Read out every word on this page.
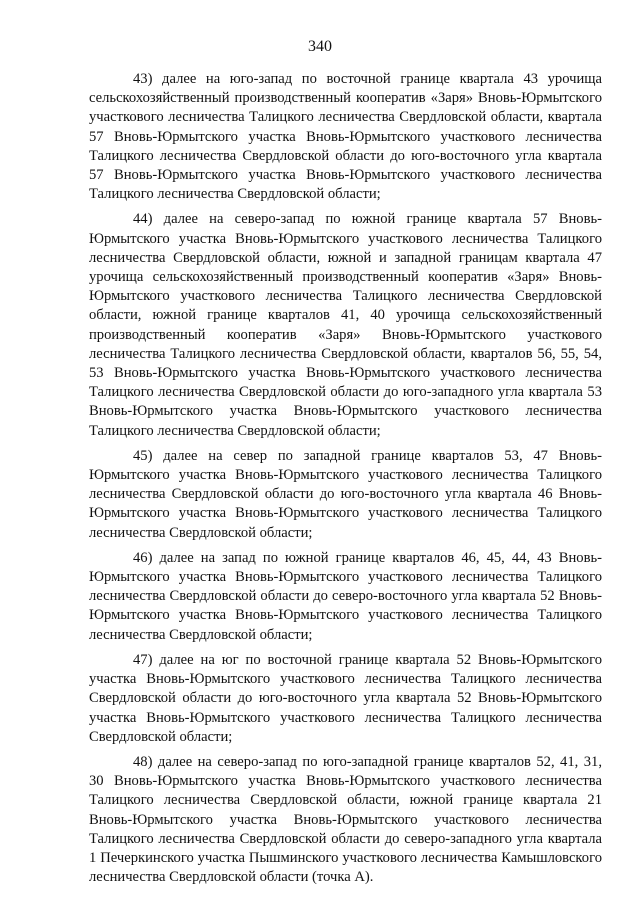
340

43) далее на юго-запад по восточной границе квартала 43 урочища сельскохозяйственный производственный кооператив «Заря» Вновь-Юрмытского участкового лесничества Талицкого лесничества Свердловской области, квартала 57 Вновь-Юрмытского участка Вновь-Юрмытского участкового лесничества Талицкого лесничества Свердловской области до юго-восточного угла квартала 57 Вновь-Юрмытского участка Вновь-Юрмытского участкового лесничества Талицкого лесничества Свердловской области;

44) далее на северо-запад по южной границе квартала 57 Вновь-Юрмытского участка Вновь-Юрмытского участкового лесничества Талицкого лесничества Свердловской области, южной и западной границам квартала 47 урочища сельскохозяйственный производственный кооператив «Заря» Вновь-Юрмытского участкового лесничества Талицкого лесничества Свердловской области, южной границе кварталов 41, 40 урочища сельскохозяйственный производственный кооператив «Заря» Вновь-Юрмытского участкового лесничества Талицкого лесничества Свердловской области, кварталов 56, 55, 54, 53 Вновь-Юрмытского участка Вновь-Юрмытского участкового лесничества Талицкого лесничества Свердловской области до юго-западного угла квартала 53 Вновь-Юрмытского участка Вновь-Юрмытского участкового лесничества Талицкого лесничества Свердловской области;

45) далее на север по западной границе кварталов 53, 47 Вновь-Юрмытского участка Вновь-Юрмытского участкового лесничества Талицкого лесничества Свердловской области до юго-восточного угла квартала 46 Вновь-Юрмытского участка Вновь-Юрмытского участкового лесничества Талицкого лесничества Свердловской области;

46) далее на запад по южной границе кварталов 46, 45, 44, 43 Вновь-Юрмытского участка Вновь-Юрмытского участкового лесничества Талицкого лесничества Свердловской области до северо-восточного угла квартала 52 Вновь-Юрмытского участка Вновь-Юрмытского участкового лесничества Талицкого лесничества Свердловской области;

47) далее на юг по восточной границе квартала 52 Вновь-Юрмытского участка Вновь-Юрмытского участкового лесничества Талицкого лесничества Свердловской области до юго-восточного угла квартала 52 Вновь-Юрмытского участка Вновь-Юрмытского участкового лесничества Талицкого лесничества Свердловской области;

48) далее на северо-запад по юго-западной границе кварталов 52, 41, 31, 30 Вновь-Юрмытского участка Вновь-Юрмытского участкового лесничества Талицкого лесничества Свердловской области, южной границе квартала 21 Вновь-Юрмытского участка Вновь-Юрмытского участкового лесничества Талицкого лесничества Свердловской области до северо-западного угла квартала 1 Печеркинского участка Пышминского участкового лесничества Камышловского лесничества Свердловской области (точка А).
